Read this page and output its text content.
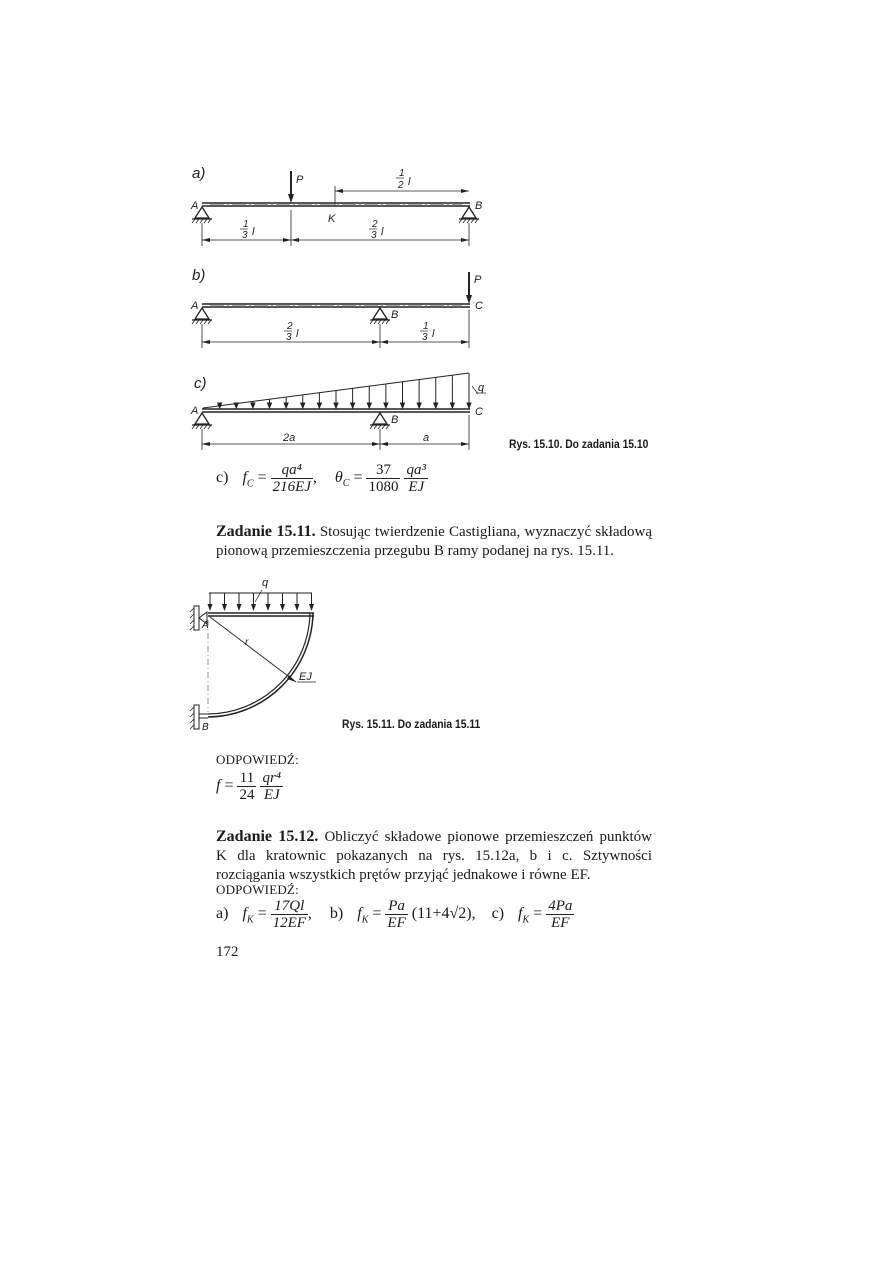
a)
A	B
P
K
1
2 l
1
3 l
2
3 l
b)
A
B
C
P
2
3 l
1
3 l
c)
A
B
C
q
2a	a	Rys. 15.10. Do zadania 15.10
c) $f_C = \frac{\text{qa⁴}}{216EJ}$ , $\theta_C = \frac{37}{1080}$
$\frac{\text{qa³}}{EJ}$
Zadanie 15.11. Stosując twierdzenie Castigliana, wyznaczyć składową pionową przemieszczenia przegubu B ramy podanej na rys. 15.11.
q
A
r
EJ
B	Rys. 15.11. Do zadania 15.11
ODPOWIEDŹ:
$f = \frac{11}{24}$
$\frac{\text{qr⁴}}{EJ}$
Zadanie 15.12. Obliczyć składowe pionowe przemieszczeń punktów K dla kratownic pokazanych na rys. 15.12a, b i c. Sztywności rozciągania wszystkich prętów przyjąć jednakowe i równe EF.
ODPOWIEDŹ:
a) $f_K = \frac{17Ql}{12EF}$ , b) $f_K = \frac{Pa}{EF} (11+4√2)$, c) $f_K = \frac{4Pa}{EF}$
172
